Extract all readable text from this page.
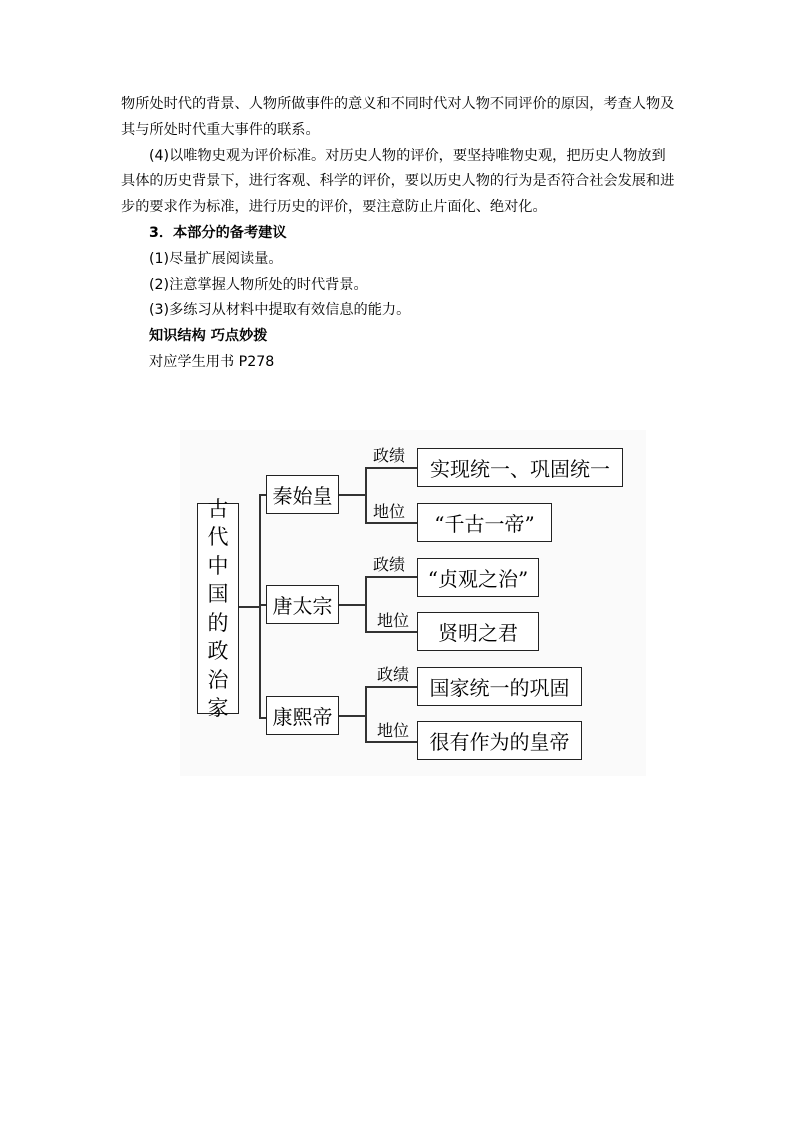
物所处时代的背景、人物所做事件的意义和不同时代对人物不同评价的原因，考查人物及其与所处时代重大事件的联系。

(4)以唯物史观为评价标准。对历史人物的评价，要坚持唯物史观，把历史人物放到具体的历史背景下，进行客观、科学的评价，要以历史人物的行为是否符合社会发展和进步的要求作为标准，进行历史的评价，要注意防止片面化、绝对化。

3．本部分的备考建议

(1)尽量扩展阅读量。

(2)注意掌握人物所处的时代背景。

(3)多练习从材料中提取有效信息的能力。

知识结构 巧点妙拨

对应学生用书 P278

古
代
中
国
的
政
治
家
秦始皇
政绩
地位
实现统一、巩固统一
“千古一帝”
唐太宗
政绩
地位
“贞观之治”
贤明之君
康熙帝
政绩
地位
国家统一的巩固
很有作为的皇帝
